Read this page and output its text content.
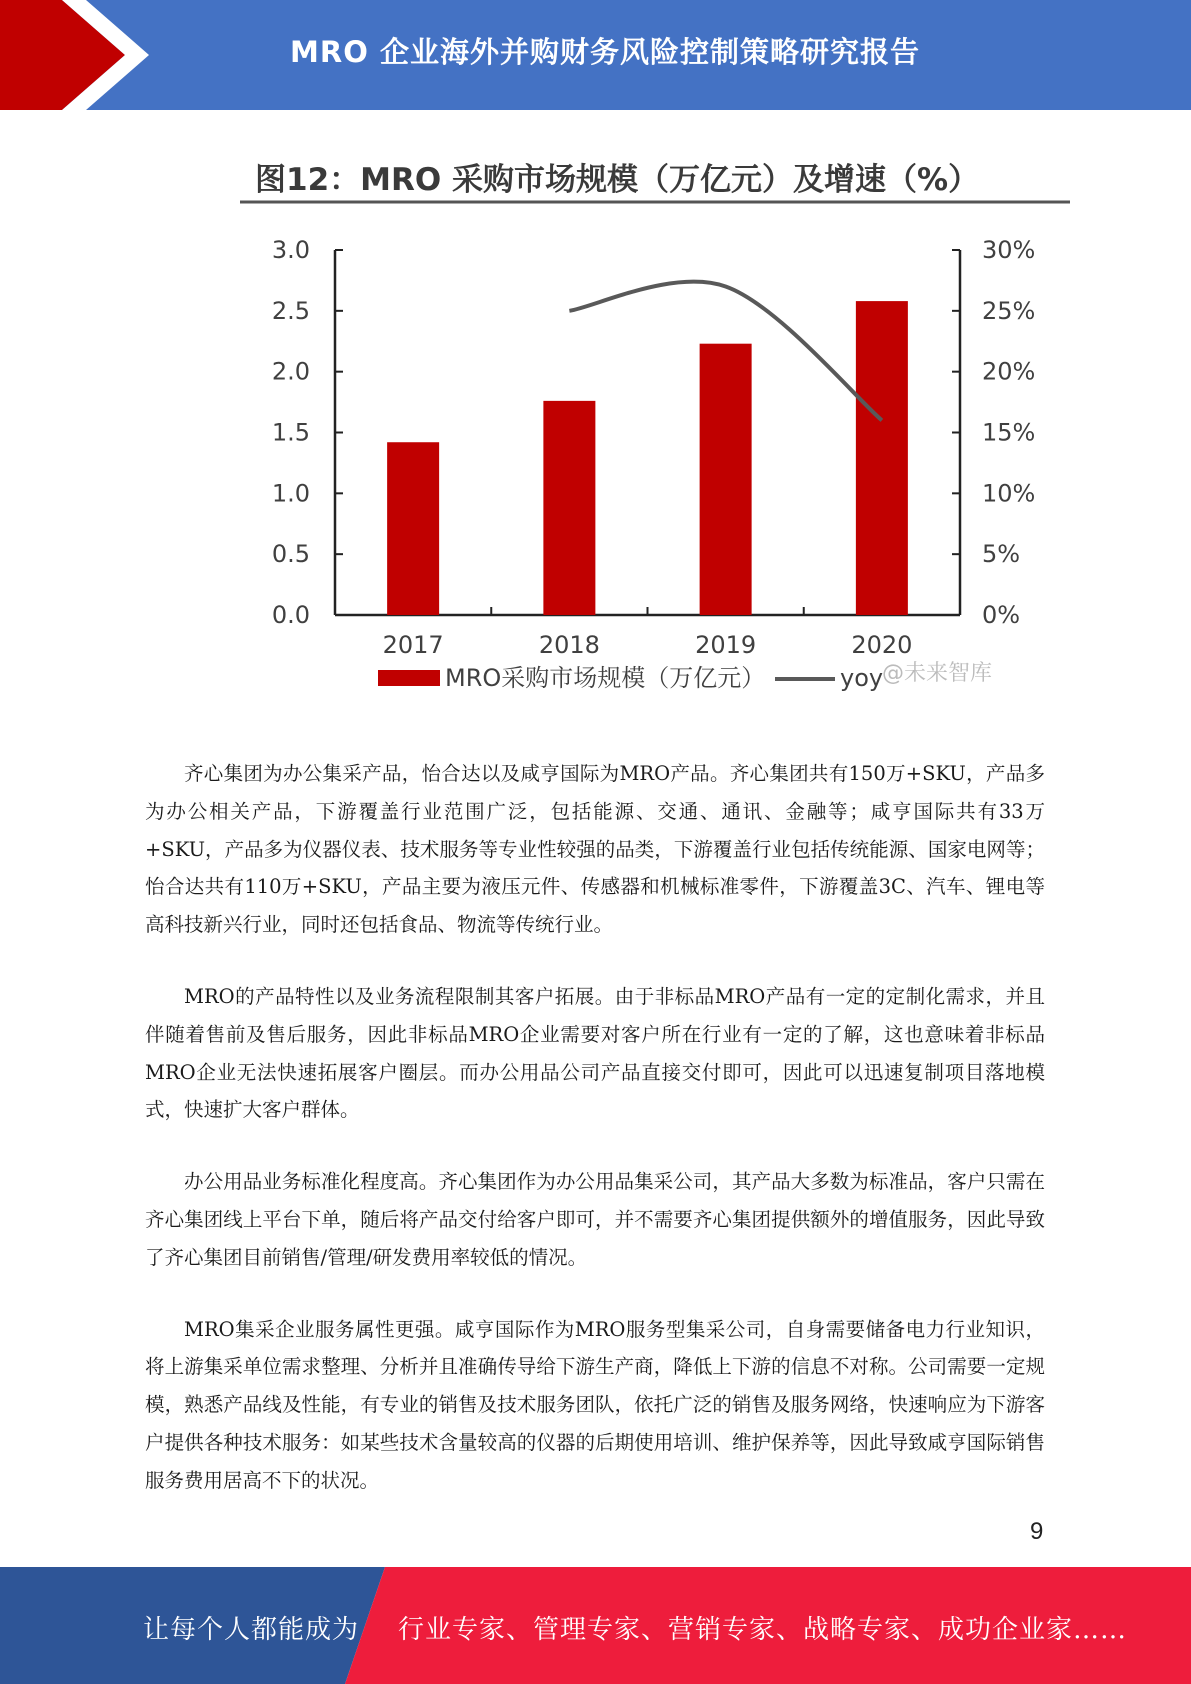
MRO 企业海外并购财务风险控制策略研究报告
图12：MRO 采购市场规模（万亿元）及增速（%）
0.0
0.5
1.0
1.5
2.0
2.5
3.0
0%
5%
10%
15%
20%
25%
30%
2017	2018	2019	2020
MRO采购市场规模（万亿元）	yoy
@未来智库

齐心集团为办公集采产品，怡合达以及咸亨国际为MRO产品。齐心集团共有150万+SKU，产品多为办公相关产品，下游覆盖行业范围广泛，包括能源、交通、通讯、金融等；咸亨国际共有33万+SKU，产品多为仪器仪表、技术服务等专业性较强的品类，下游覆盖行业包括传统能源、国家电网等；怡合达共有110万+SKU，产品主要为液压元件、传感器和机械标准零件，下游覆盖3C、汽车、锂电等高科技新兴行业，同时还包括食品、物流等传统行业。

MRO的产品特性以及业务流程限制其客户拓展。由于非标品MRO产品有一定的定制化需求，并且伴随着售前及售后服务，因此非标品MRO企业需要对客户所在行业有一定的了解，这也意味着非标品MRO企业无法快速拓展客户圈层。而办公用品公司产品直接交付即可，因此可以迅速复制项目落地模式，快速扩大客户群体。

办公用品业务标准化程度高。齐心集团作为办公用品集采公司，其产品大多数为标准品，客户只需在齐心集团线上平台下单，随后将产品交付给客户即可，并不需要齐心集团提供额外的增值服务，因此导致了齐心集团目前销售/管理/研发费用率较低的情况。

MRO集采企业服务属性更强。咸亨国际作为MRO服务型集采公司，自身需要储备电力行业知识，将上游集采单位需求整理、分析并且准确传导给下游生产商，降低上下游的信息不对称。公司需要一定规模，熟悉产品线及性能，有专业的销售及技术服务团队，依托广泛的销售及服务网络，快速响应为下游客户提供各种技术服务：如某些技术含量较高的仪器的后期使用培训、维护保养等，因此导致咸亨国际销售服务费用居高不下的状况。

9
让每个人都能成为 行业专家、管理专家、营销专家、战略专家、成功企业家……
